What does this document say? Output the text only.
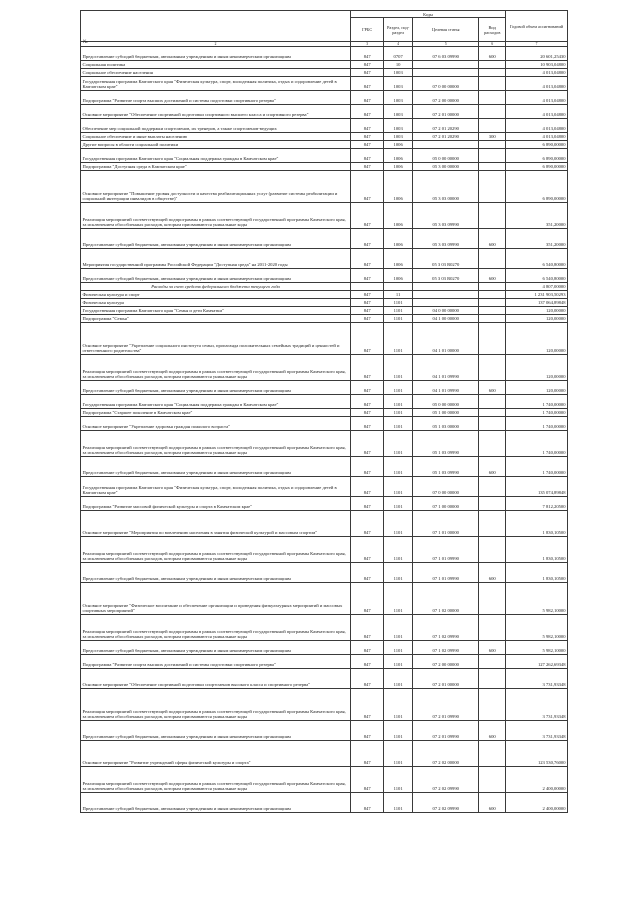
	Коды				Годовой объем ассигнований
	ГРБС	Раздел, под-раздел	Целевая статья	Вид расходов	
2	3	4	5	6	7
Предоставление субсидий бюджетным, автономным учреждениям и иным некоммерческим организациям	847	0707	07 6 03 09990	600	20 601,25430
Социальная политика	847	10			10 903,04800
Социальное обеспечение населения	847	1003			4 013,04800
Государственная программа Камчатского края "Физическая культура, спорт, молодежная политика, отдых и оздоровление детей в Камчатском крае"	847	1003	07 0 00 00000		4 013,04800
Подпрограмма "Развитие спорта высших достижений и системы подготовки спортивного резерва"	847	1003	07 2 00 00000		4 013,04800
Основное мероприятие "Обеспечение спортивной подготовки спортивного высшего класса и спортивного резерва"	847	1003	07 2 01 00000		4 013,04800
Обеспечение мер социальной поддержки спортсменов, их тренеров, а также спортсменов-ведущих	847	1003	07 2 01 20290		4 013,04800
Социальное обеспечение и иные выплаты населению	847	1003	07 2 01 20290	300	4 013,04800
Другие вопросы в области социальной политики	847	1006			6 890,00000
Государственная программа Камчатского края "Социальная поддержка граждан в Камчатском крае"	847	1006	05 0 00 00000		6 890,00000
Подпрограмма "Доступная среда в Камчатском крае"	847	1006	05 3 00 00000		6 890,00000
Основное мероприятие "Повышение уровня доступности и качества реабилитационных услуг (развитие системы реабилитации и социальной интеграции инвалидов в обществе)"	847	1006	05 3 03 00000		6 890,00000
Реализация мероприятий соответствующей подпрограммы в рамках соответствующей государственной программы Камчатского края, за исключением обособленных расходов, которым присваиваются уникальные коды	847	1006	05 3 03 09990		351,20000
Предоставление субсидий бюджетным, автономным учреждениям и иным некоммерческим организациям	847	1006	05 3 03 09990	600	351,20000
Мероприятия государственной программы Российской Федерации "Доступная среда" на 2011-2020 годы	847	1006	05 3 03 R0270		6 540,80000
Предоставление субсидий бюджетным, автономным учреждениям и иным некоммерческим организациям	847	1006	05 3 03 R0270	600	6 540,80000
Расходы за счет средств федерального бюджета текущего года					4 807,00000
Физическая культура и спорт	847	11			1 231 903,50293
Физическая культура	847	1101			137 064,89848
Государственная программа Камчатского края "Семья и дети Камчатки"	847	1101	04 0 00 00000		120,00000
Подпрограмма "Семья"	847	1101	04 1 00 00000		120,00000
Основное мероприятие "Укрепление социального института семьи, пропаганда положительных семейных традиций и ценностей и ответственного родительства"	847	1101	04 1 01 00000		120,00000
Реализация мероприятий соответствующей подпрограммы в рамках соответствующей государственной программы Камчатского края, за исключением обособленных расходов, которым присваиваются уникальные коды	847	1101	04 1 01 09990		120,00000
Предоставление субсидий бюджетным, автономным учреждениям и иным некоммерческим организациям	847	1101	04 1 01 09990	600	120,00000
Государственная программа Камчатского края "Социальная поддержка граждан в Камчатском крае"	847	1101	05 0 00 00000		1 740,00000
Подпрограмма "Старшее поколение в Камчатском крае"	847	1101	05 1 00 00000		1 740,00000
Основное мероприятие "Укрепление здоровья граждан пожилого возраста"	847	1101	05 1 03 00000		1 740,00000
Реализация мероприятий соответствующей подпрограммы в рамках соответствующей государственной программы Камчатского края, за исключением обособленных расходов, которым присваиваются уникальные коды	847	1101	05 1 03 09990		1 740,00000
Предоставление субсидий бюджетным, автономным учреждениям и иным некоммерческим организациям	847	1101	05 1 03 09990	600	1 740,00000
Государственная программа Камчатского края "Физическая культура, спорт, молодежная политика, отдых и оздоровление детей в Камчатском крае"	847	1101	07 0 00 00000		135 074,89848
Подпрограмма "Развитие массовой физической культуры и спорта в Камчатском крае"	847	1101	07 1 00 00000		7 812,20500
Основное мероприятие "Мероприятия по вовлечению населения в занятия физической культурой и массовым спортом"	847	1101	07 1 01 00000		1 830,10500
Реализация мероприятий соответствующей подпрограммы в рамках соответствующей государственной программы Камчатского края, за исключением обособленных расходов, которым присваиваются уникальные коды	847	1101	07 1 01 09990		1 830,10500
Предоставление субсидий бюджетным, автономным учреждениям и иным некоммерческим организациям	847	1101	07 1 01 09990	600	1 830,10500
Основное мероприятие "Физическое воспитание и обеспечение организации и проведения физкультурных мероприятий и массовых спортивных мероприятий"	847	1101	07 1 02 00000		5 982,10000
Реализация мероприятий соответствующей подпрограммы в рамках соответствующей государственной программы Камчатского края, за исключением обособленных расходов, которым присваиваются уникальные коды	847	1101	07 1 02 09990		5 982,10000
Предоставление субсидий бюджетным, автономным учреждениям и иным некоммерческим организациям	847	1101	07 1 02 09990	600	5 982,10000
Подпрограмма "Развитие спорта высших достижений и системы подготовки спортивного резерва"	847	1101	07 2 00 00000		127 262,69348
Основное мероприятие "Обеспечение спортивной подготовки спортсменов высокого класса и спортивного резерва"	847	1101	07 2 01 00000		3 731,93348
Реализация мероприятий соответствующей подпрограммы в рамках соответствующей государственной программы Камчатского края, за исключением обособленных расходов, которым присваиваются уникальные коды	847	1101	07 2 01 09990		3 731,93348
Предоставление субсидий бюджетным, автономным учреждениям и иным некоммерческим организациям	847	1101	07 2 01 09990	600	3 731,93348
Основное мероприятие "Развитие учреждений сферы физической культуры и спорта"	847	1101	07 2 02 00000		123 530,76000
Реализация мероприятий соответствующей подпрограммы в рамках соответствующей государственной программы Камчатского края, за исключением обособленных расходов, которым присваиваются уникальные коды	847	1101	07 2 02 09990		2 400,00000
Предоставление субсидий бюджетным, автономным учреждениям и иным некоммерческим организациям	847	1101	07 2 02 09990	600	2 400,00000
№
